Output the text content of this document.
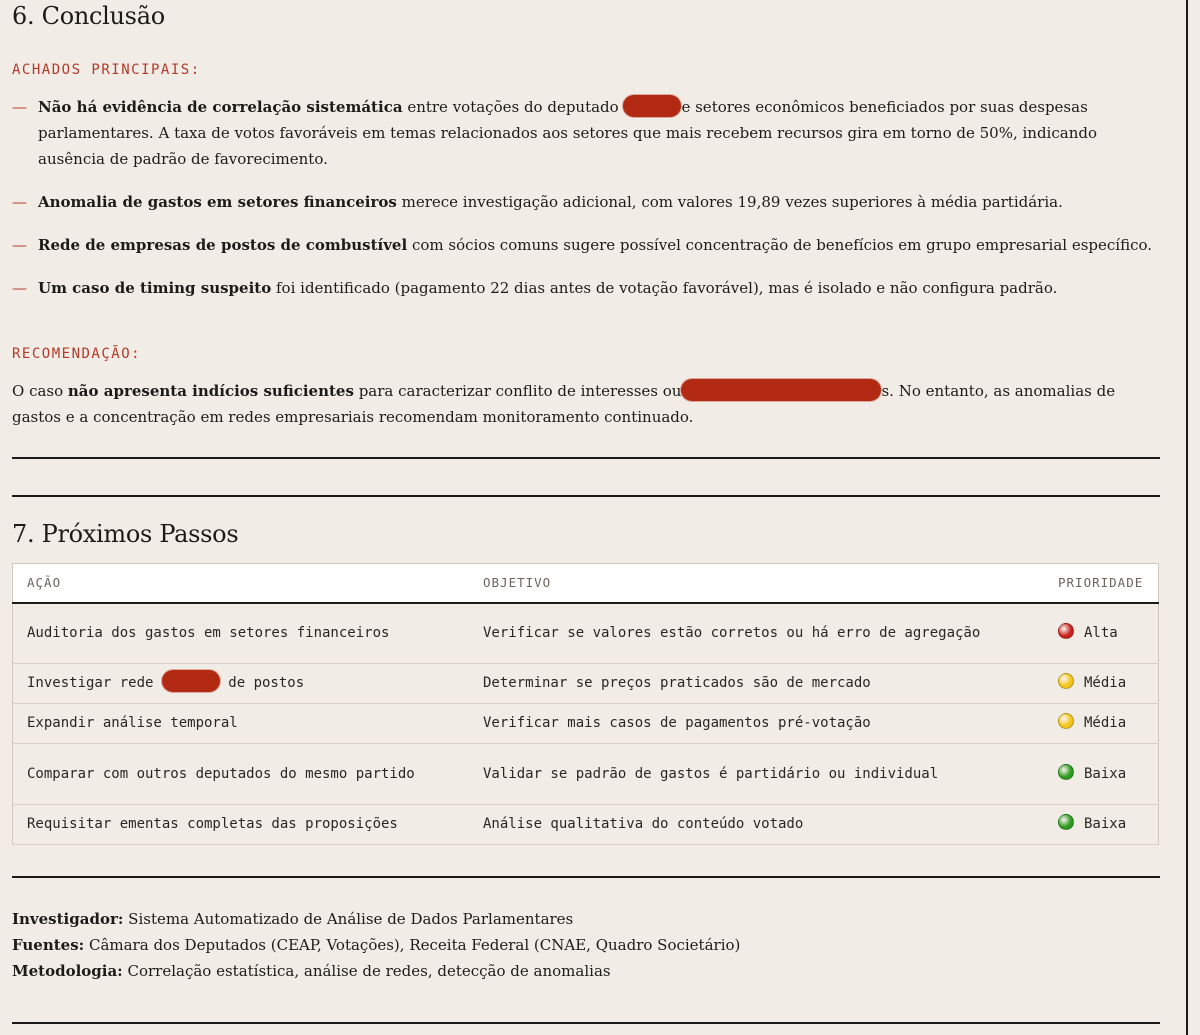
6. Conclusão
ACHADOS PRINCIPAIS:
— Não há evidência de correlação sistemática entre votações do deputado	e setores econômicos beneficiados por suas despesas parlamentares. A taxa de votos favoráveis em temas relacionados aos setores que mais recebem recursos gira em torno de 50%, indicando ausência de padrão de favorecimento.
— Anomalia de gastos em setores financeiros merece investigação adicional, com valores 19,89 vezes superiores à média partidária.
— Rede de empresas de postos de combustível com sócios comuns sugere possível concentração de benefícios em grupo empresarial específico.
— Um caso de timing suspeito foi identificado (pagamento 22 dias antes de votação favorável), mas é isolado e não configura padrão.
RECOMENDAÇÃO:

O caso não apresenta indícios suficientes para caracterizar conflito de interesses ou	s. No entanto, as anomalias de gastos e a concentração em redes empresariais recomendam monitoramento continuado.

7. Próximos Passos
AÇÃO	OBJETIVO	PRIORIDADE
Auditoria dos gastos em setores financeiros	Verificar se valores estão corretos ou há erro de agregação	Alta
Investigar rede de postos	Determinar se preços praticados são de mercado	Média
Expandir análise temporal	Verificar mais casos de pagamentos pré-votação	Média
Comparar com outros deputados do mesmo partido	Validar se padrão de gastos é partidário ou individual	Baixa
Requisitar ementas completas das proposições	Análise qualitativa do conteúdo votado	Baixa
Investigador: Sistema Automatizado de Análise de Dados Parlamentares
Fuentes: Câmara dos Deputados (CEAP, Votações), Receita Federal (CNAE, Quadro Societário)
Metodologia: Correlação estatística, análise de redes, detecção de anomalias
